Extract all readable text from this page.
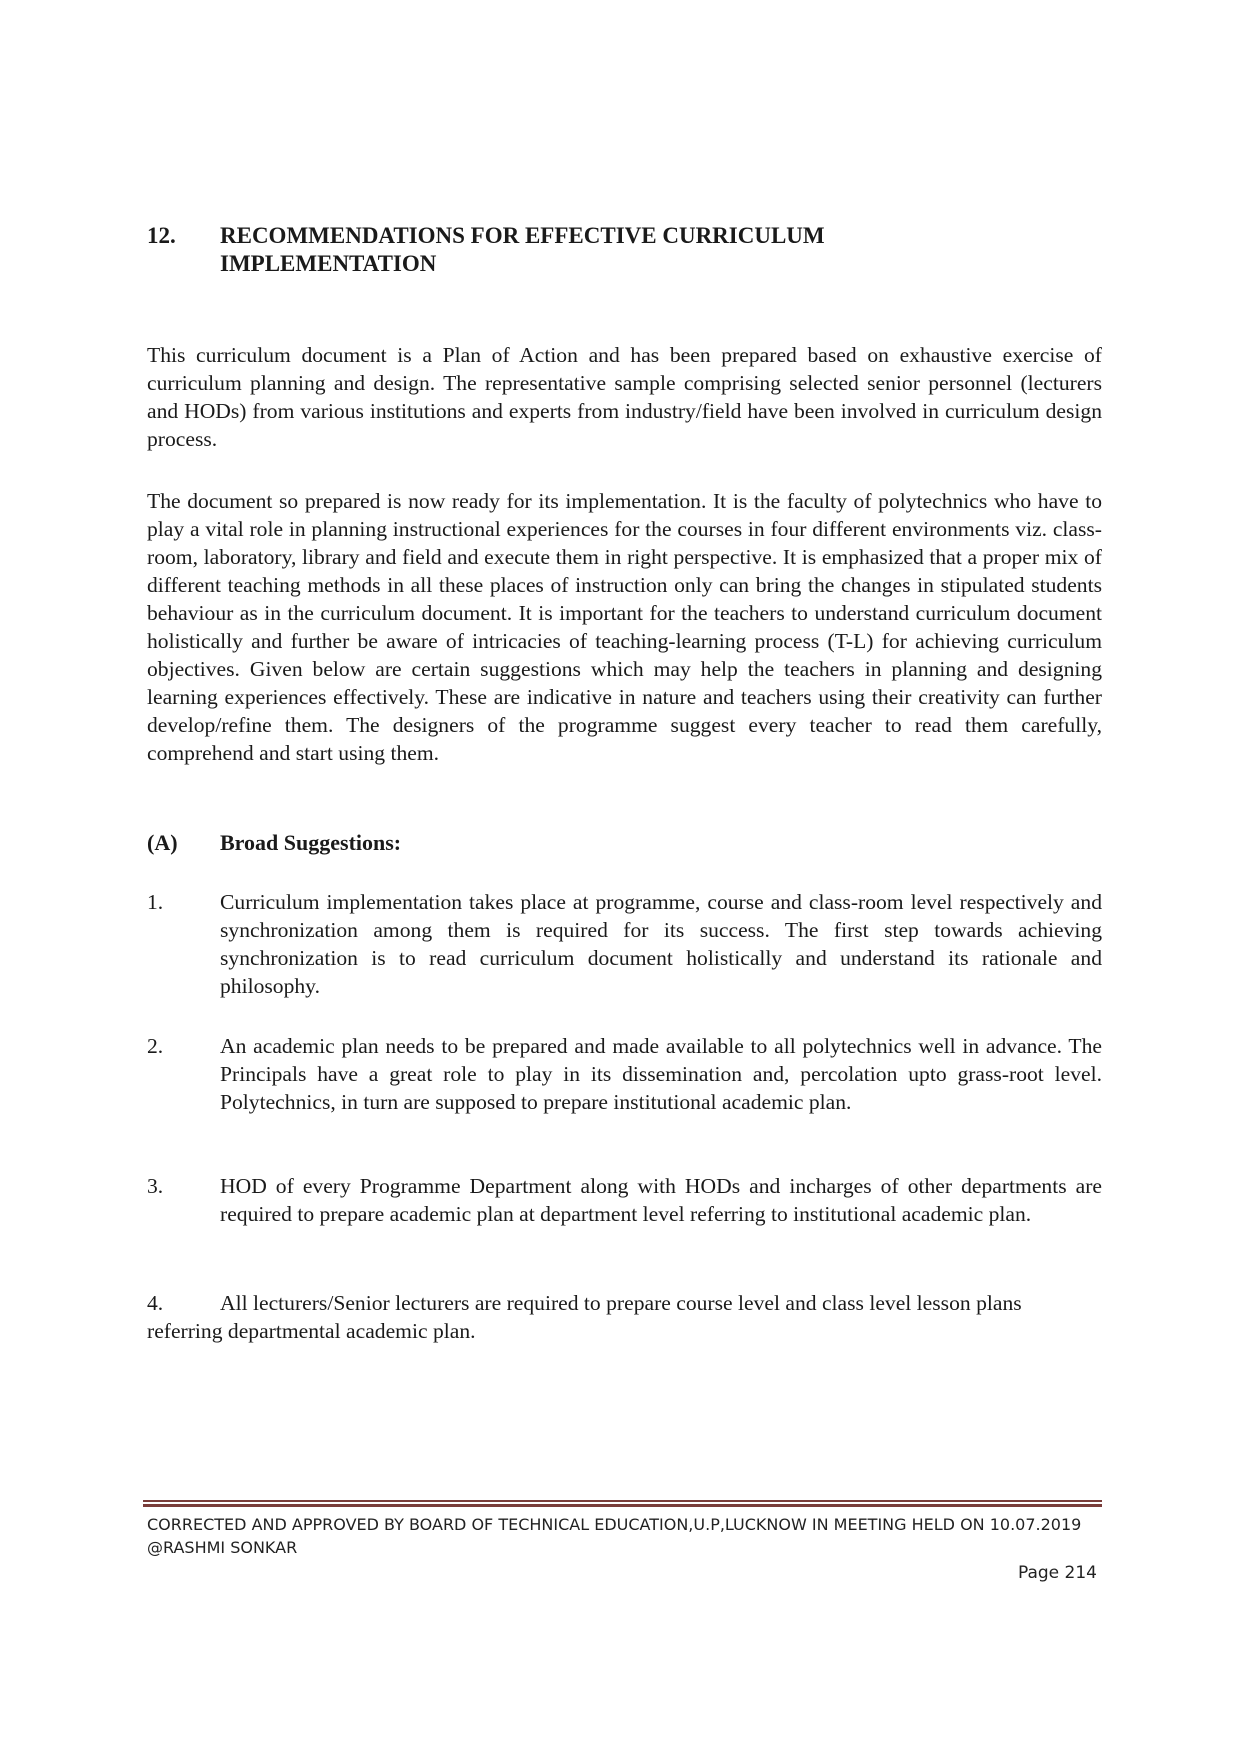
12. RECOMMENDATIONS FOR EFFECTIVE CURRICULUM IMPLEMENTATION

This curriculum document is a Plan of Action and has been prepared based on exhaustive exercise of curriculum planning and design. The representative sample comprising selected senior personnel (lecturers and HODs) from various institutions and experts from industry/field have been involved in curriculum design process.

The document so prepared is now ready for its implementation. It is the faculty of polytechnics who have to play a vital role in planning instructional experiences for the courses in four different environments viz. class-room, laboratory, library and field and execute them in right perspective. It is emphasized that a proper mix of different teaching methods in all these places of instruction only can bring the changes in stipulated students behaviour as in the curriculum document. It is important for the teachers to understand curriculum document holistically and further be aware of intricacies of teaching-learning process (T-L) for achieving curriculum objectives. Given below are certain suggestions which may help the teachers in planning and designing learning experiences effectively. These are indicative in nature and teachers using their creativity can further develop/refine them. The designers of the programme suggest every teacher to read them carefully, comprehend and start using them.

(A) Broad Suggestions:
1.	Curriculum implementation takes place at programme, course and class-room level respectively and synchronization among them is required for its success. The first step towards achieving synchronization is to read curriculum document holistically and understand its rationale and philosophy.
2.	An academic plan needs to be prepared and made available to all polytechnics well in advance. The Principals have a great role to play in its dissemination and, percolation upto grass-root level. Polytechnics, in turn are supposed to prepare institutional academic plan.
3.	HOD of every Programme Department along with HODs and incharges of other departments are required to prepare academic plan at department level referring to institutional academic plan.
4.	All lecturers/Senior lecturers are required to prepare course level and class level lesson plans referring departmental academic plan.
CORRECTED AND APPROVED BY BOARD OF TECHNICAL EDUCATION,U.P,LUCKNOW IN MEETING HELD ON 10.07.2019 @RASHMI SONKAR
Page 214
